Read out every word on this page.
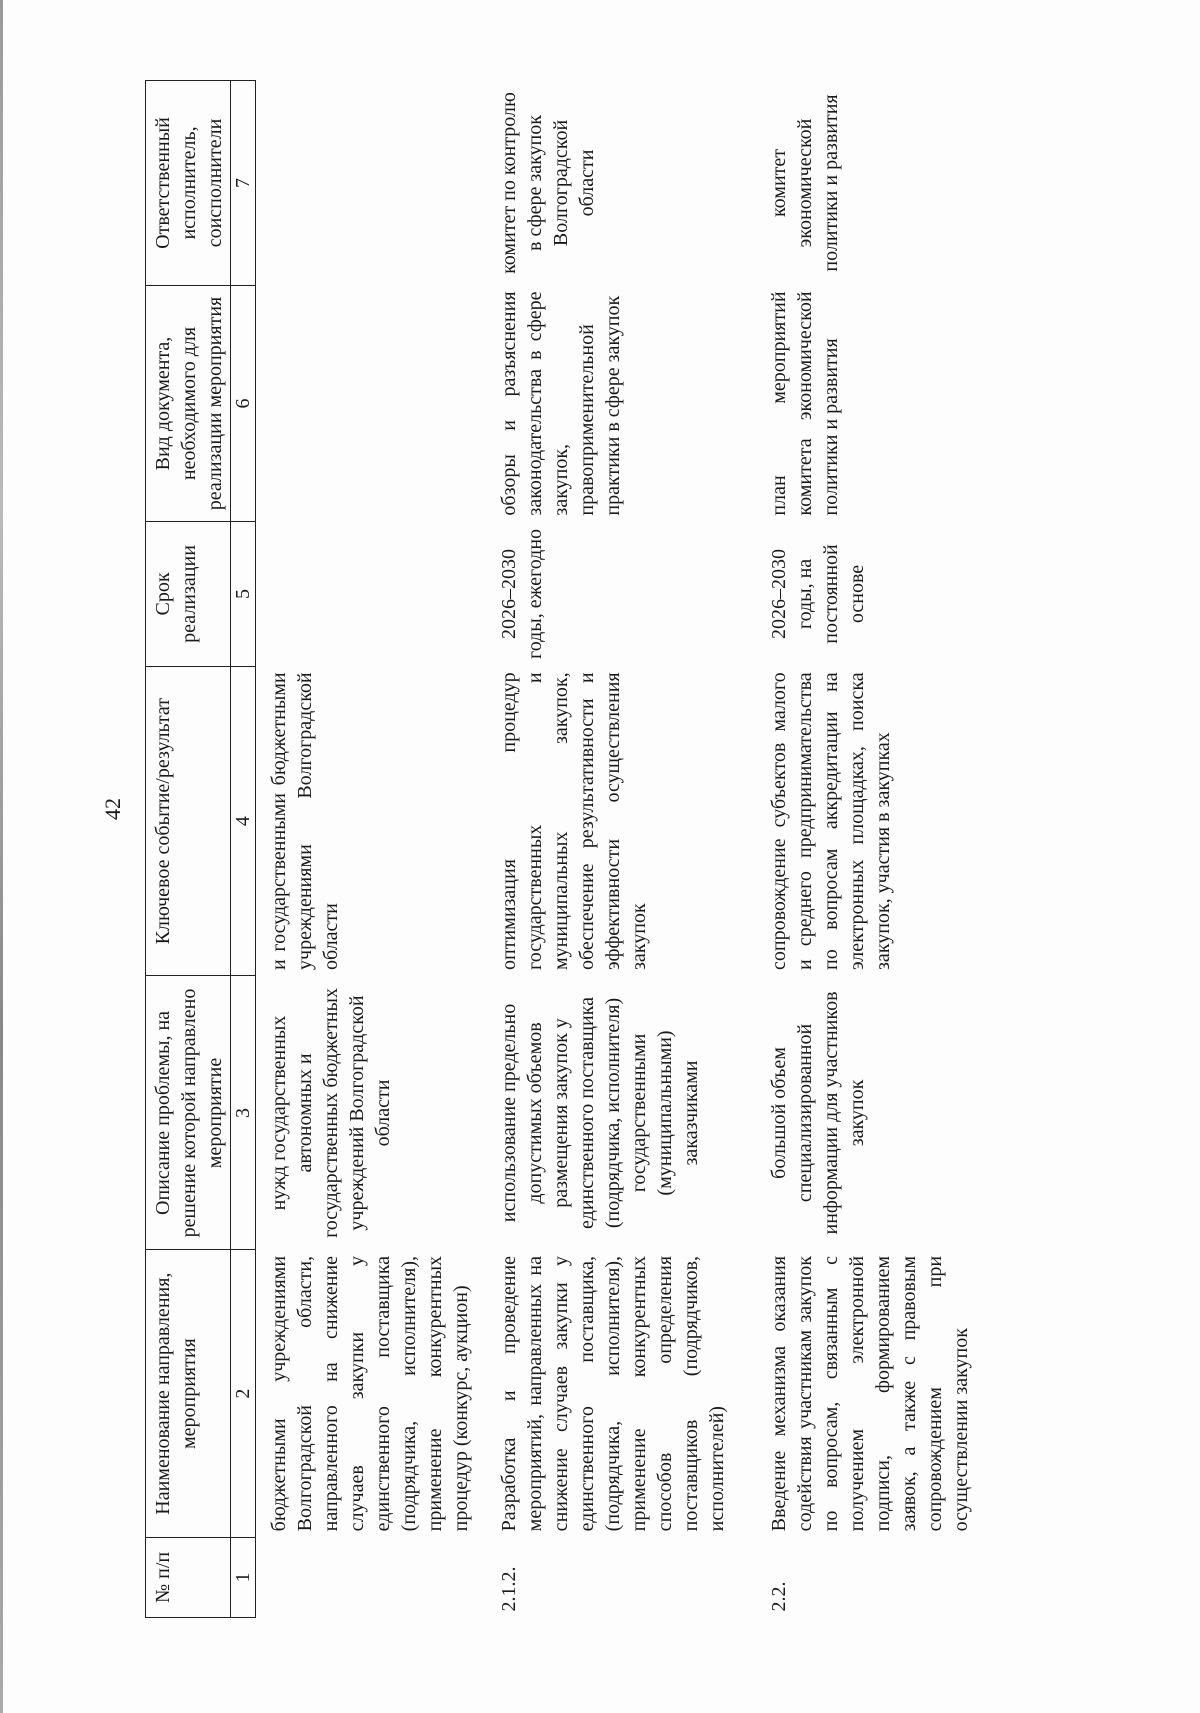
42
№ п/п	Наименование направления, мероприятия	Описание проблемы, на решение которой направлено мероприятие	Ключевое событие/результат	Срок реализации	Вид документа, необходимого для реализации мероприятия	Ответственный исполнитель, соисполнители
1	2	3	4	5	6	7
	бюджетными учреждениями Волгоградской области, направленного на снижение случаев закупки у единственного поставщика (подрядчика, исполнителя), применение конкурентных процедур (конкурс, аукцион)	нужд государственных автономных и государственных бюджетных учреждений Волгоградской области	и государственными бюджетными учреждениями Волгоградской области			
2.1.2.	Разработка и проведение мероприятий, направленных на снижение случаев закупки у единственного поставщика, (подрядчика, исполнителя), применение конкурентных способов определения поставщиков (подрядчиков, исполнителей)	использование предельно допустимых объемов размещения закупок у единственного поставщика (подрядчика, исполнителя) государственными (муниципальными) заказчиками	оптимизация процедур государственных и муниципальных закупок, обеспечение результативности и эффективности осуществления закупок	2026–2030 годы, ежегодно	обзоры и разъяснения законодательства в сфере закупок, правоприменительной практики в сфере закупок	комитет по контролю в сфере закупок Волгоградской области
2.2.	Введение механизма оказания содействия участникам закупок по вопросам, связанным с получением электронной подписи, формированием заявок, а также с правовым сопровождением при осуществлении закупок	большой объем специализированной информации для участников закупок	сопровождение субъектов малого и среднего предпринимательства по вопросам аккредитации на электронных площадках, поиска закупок, участия в закупках	2026–2030 годы, на постоянной основе	план мероприятий комитета экономической политики и развития	комитет экономической политики и развития
